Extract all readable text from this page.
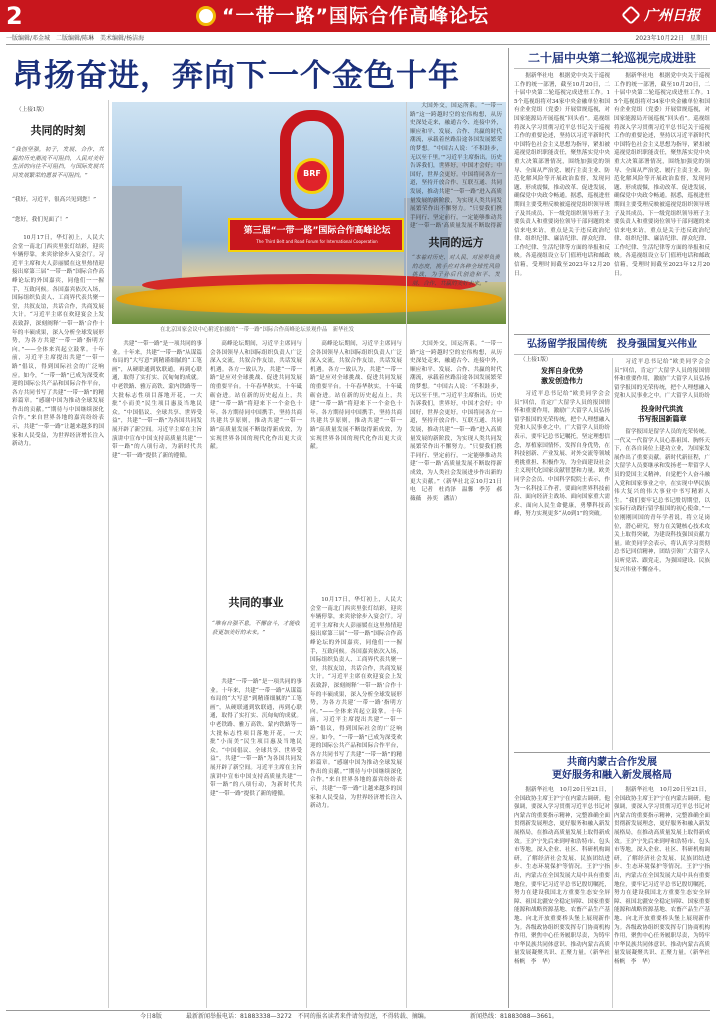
2	“一带一路”国际合作高峰论坛	广州日报
一版编辑/邓金城　二版编辑/陈琳　美术编辑/杨洁海	2023年10月22日　星期日
昂扬奋进，奔向下一个金色十年
（上接1版）
共同的时刻
“我创坚强，初子，发展、合作、共赢的历史潮流不可阻挡，人民对美好生活的向往不可阻挡，与国际发展共同发展繁荣的愿景不可阻挡。”
“我好，习近平，很高兴见到您！”
“您好，我们见面了！”
10月17日，华灯初上，人民大会堂一南北门西宾里张灯结彩，迎宾车辆停靠，来宾徐徐步入宴会厅。习近平主席和夫人彭丽媛在这里热情迎接出席第三届“一带一路”国际合作高峰论坛的外国嘉宾，同他们一一握手，互致问候。各国嘉宾依次入场，国际组织负责人、工商界代表共聚一堂，共叙友谊，共话合作，共商发展大计。“习近平主席在欢迎宴会上发表致辞，深刻阐释‘一带一路’合作十年的丰硕成果，深入分析全球发展形势，为各方共建‘一带一路’指明方向。”——全体来宾起立鼓掌。十年前，习近平主席提出共建“一带一路”倡议，得到国际社会的广泛响应。如今，“一带一路”已成为深受欢迎的国际公共产品和国际合作平台，各方共同书写了共建“一带一路”的精彩篇章。“感谢中国为推动全球发展作出的贡献。”“期待与中国继续深化合作。”来自世界各地的嘉宾纷纷表示，共建“一带一路”让越来越多的国家和人民受益，为世界经济增长注入新动力。
BRF
第三届“一带一路”国际合作高峰论坛
The Third Belt and Road Forum for International Cooperation
在北京国家会议中心附近拍摄的“一带一路”国际合作高峰论坛景观作品　新华社发
共建“一带一路”是一项共同的事业。十年来，共建“一带一路”从谋篇布局的“大写意”到精谨细腻的“工笔画”，从硬联通到软联通，再到心联通，取得了实打实、沉甸甸的成就。中老铁路、雅万高铁、蒙内铁路等一大批标志性项目落地开花，一大批“小而美”民生项目惠及当地民众。“中国倡议、全球共享、世界受益”，共建“一带一路”为各国共同发展开辟了新空间。习近平主席在主旨演讲中宣布中国支持高质量共建“一带一路”的八项行动，为新时代共建“一带一路”提供了新的遵循。
高峰论坛期间，习近平主席同与会各国领导人和国际组织负责人广泛深入交流，共叙合作友谊，共话发展机遇。各方一致认为，共建“一带一路”是应对全球挑战、促进共同发展的重要平台。十年春华秋实，十年砥砺奋进。站在新的历史起点上，共建“一带一路”将迎来下一个金色十年。各方期待同中国携手，坚持共商共建共享原则，推动共建“一带一路”高质量发展不断取得新成效，为实现世界各国的现代化作出更大贡献。
共同的事业
“唯有自强不息，不懈奋斗，才能收获更加美好的未来。”
共建“一带一路”是一项共同的事业。十年来，共建“一带一路”从谋篇布局的“大写意”到精谨细腻的“工笔画”，从硬联通到软联通，再到心联通，取得了实打实、沉甸甸的成就。中老铁路、雅万高铁、蒙内铁路等一大批标志性项目落地开花，一大批“小而美”民生项目惠及当地民众。“中国倡议、全球共享、世界受益”，共建“一带一路”为各国共同发展开辟了新空间。习近平主席在主旨演讲中宣布中国支持高质量共建“一带一路”的八项行动，为新时代共建“一带一路”提供了新的遵循。
高峰论坛期间，习近平主席同与会各国领导人和国际组织负责人广泛深入交流，共叙合作友谊，共话发展机遇。各方一致认为，共建“一带一路”是应对全球挑战、促进共同发展的重要平台。十年春华秋实，十年砥砺奋进。站在新的历史起点上，共建“一带一路”将迎来下一个金色十年。各方期待同中国携手，坚持共商共建共享原则，推动共建“一带一路”高质量发展不断取得新成效，为实现世界各国的现代化作出更大贡献。
10月17日，华灯初上，人民大会堂一南北门西宾里张灯结彩，迎宾车辆停靠，来宾徐徐步入宴会厅。习近平主席和夫人彭丽媛在这里热情迎接出席第三届“一带一路”国际合作高峰论坛的外国嘉宾，同他们一一握手，互致问候。各国嘉宾依次入场，国际组织负责人、工商界代表共聚一堂，共叙友谊，共话合作，共商发展大计。“习近平主席在欢迎宴会上发表致辞，深刻阐释‘一带一路’合作十年的丰硕成果，深入分析全球发展形势，为各方共建‘一带一路’指明方向。”——全体来宾起立鼓掌。十年前，习近平主席提出共建“一带一路”倡议，得到国际社会的广泛响应。如今，“一带一路”已成为深受欢迎的国际公共产品和国际合作平台，各方共同书写了共建“一带一路”的精彩篇章。“感谢中国为推动全球发展作出的贡献。”“期待与中国继续深化合作。”来自世界各地的嘉宾纷纷表示，共建“一带一路”让越来越多的国家和人民受益，为世界经济增长注入新动力。
大国外交，国运所系。“一带一路”这一跨越时空的宏伟构想，从历史深处走来，融通古今、连接中外，顺应和平、发展、合作、共赢的时代潮流，承载着丝路沿途各国发展繁荣的梦想。“中国古人说：‘不积跬步，无以至千里。’”习近平主席指出。历史告诉我们，世界好，中国才会好；中国好，世界会更好。中国将同各方一道，坚持开放合作、互联互通、共同发展，推动共建“一带一路”进入高质量发展的新阶段，为实现人类共同发展繁荣作出不懈努力。“只要我们携手同行、坚定前行，一定能够推动共建‘一带一路’高质量发展不断取得新　　　　　　　
共同的远方
“本着对历史、对人民、对世界负责的态度，携手应对各种全球性风险挑战，为子孙后代创造和平、发展、合作、共赢的美好未来。”
大国外交，国运所系。“一带一路”这一跨越时空的宏伟构想，从历史深处走来，融通古今、连接中外，顺应和平、发展、合作、共赢的时代潮流，承载着丝路沿途各国发展繁荣的梦想。“中国古人说：‘不积跬步，无以至千里。’”习近平主席指出。历史告诉我们，世界好，中国才会好；中国好，世界会更好。中国将同各方一道，坚持开放合作、互联互通、共同发展，推动共建“一带一路”进入高质量发展的新阶段，为实现人类共同发展繁荣作出不懈努力。“只要我们携手同行、坚定前行，一定能够推动共建‘一带一路’高质量发展不断取得新成效，为人类社会发展进步作出新的更大贡献。”（新华社北京10月21日电　记者　杜尚泽　温馨　季芳　郝薇薇　孙奕　潘洁）
二十届中央第二轮巡视完成进驻
据新华社电　根据党中央关于巡视工作的统一部署，截至10月20日，二十届中央第二轮巡视完成进驻工作。15个巡视组将对34家中央金融单位和国有企业党组（党委）开展常规巡视，对国家能源局开展巡视“回头看”。巡视组将深入学习贯彻习近平总书记关于巡视工作的重要论述，坚持以习近平新时代中国特色社会主义思想为指导，紧扣被巡视党组织职能责任，聚焦落实党中央重大决策部署情况，围绕加强党的领导、全面从严治党、履行主责主业、防范化解风险等开展政治监督，发现问题、形成震慑，推动改革、促进发展，确保党中央政令畅通。据悉，巡视进驻期间主要受理反映被巡视党组织领导班子及其成员、下一级党组织领导班子主要负责人和重要岗位领导干部问题的来信来电来访，重点是关于违反政治纪律、组织纪律、廉洁纪律、群众纪律、工作纪律、生活纪律等方面的举报和反映。各巡视组设立专门值班电话和邮政信箱，受理时间截至2023年12月20日。
据新华社电　根据党中央关于巡视工作的统一部署，截至10月20日，二十届中央第二轮巡视完成进驻工作。15个巡视组将对34家中央金融单位和国有企业党组（党委）开展常规巡视，对国家能源局开展巡视“回头看”。巡视组将深入学习贯彻习近平总书记关于巡视工作的重要论述，坚持以习近平新时代中国特色社会主义思想为指导，紧扣被巡视党组织职能责任，聚焦落实党中央重大决策部署情况，围绕加强党的领导、全面从严治党、履行主责主业、防范化解风险等开展政治监督，发现问题、形成震慑，推动改革、促进发展，确保党中央政令畅通。据悉，巡视进驻期间主要受理反映被巡视党组织领导班子及其成员、下一级党组织领导班子主要负责人和重要岗位领导干部问题的来信来电来访，重点是关于违反政治纪律、组织纪律、廉洁纪律、群众纪律、工作纪律、生活纪律等方面的举报和反映。各巡视组设立专门值班电话和邮政信箱，受理时间截至2023年12月20日。
弘扬留学报国传统　投身强国复兴伟业
（上接1版）
发挥自身优势
激发创造伟力
习近平总书记给“欧美同学会会员”回信，肯定广大留学人员的报国情怀和重要作用，激励广大留学人员弘扬留学报国的光荣传统，把个人理想融入党和人民事业之中。广大留学人员纷纷表示，要牢记总书记嘱托，坚定理想信念，厚植家国情怀，发挥自身优势，在科技创新、产业发展、对外交流等领域勇挑重担、积极作为，为全面建设社会主义现代化国家贡献智慧和力量。欧美同学会会员、中国科学院院士表示，作为一名科技工作者，要面向世界科技前沿、面向经济主战场、面向国家重大需求、面向人民生命健康，勇攀科技高峰，努力实现更多“从0到1”的突破。
习近平总书记给“欧美同学会会员”回信，肯定广大留学人员的报国情怀和重要作用，激励广大留学人员弘扬留学报国的光荣传统，把个人理想融入党和人民事业之中。广大留学人员纷纷
投身时代洪流
书写报国新篇章
留学报国是留学人员的光荣传统。一代又一代留学人员心系祖国、胸怀天下，在各自岗位上建功立业，为国家发展作出了重要贡献。新时代新征程，广大留学人员要继承和发扬老一辈留学人员的爱国主义精神，自觉把个人奋斗融入党和国家事业之中，在实现中华民族伟大复兴的伟大事业中书写精彩人生。“我们要牢记总书记殷切期望，以实际行动践行留学报国的初心使命。”一位刚刚回国的青年学者说，将立足岗位，潜心研究，努力在关键核心技术攻关上取得突破，为建设科技强国贡献力量。欧美同学会表示，将认真学习贯彻总书记回信精神，团结引领广大留学人员听党话、跟党走，为强国建设、民族复兴伟业不懈奋斗。
共商内蒙古合作发展
更好服务和融入新发展格局
据新华社电　10月20日至21日，全国政协主席王沪宁在内蒙古调研。他强调，要深入学习贯彻习近平总书记对内蒙古的重要指示精神，完整准确全面贯彻新发展理念，更好服务和融入新发展格局，在推动高质量发展上取得新成效。王沪宁先后来到呼和浩特市、包头市等地，深入企业、社区、科研机构调研，了解经济社会发展、民族团结进步、生态环境保护等情况。王沪宁指出，内蒙古在全国发展大局中具有重要地位，要牢记习近平总书记殷切嘱托，努力在建设我国北方重要生态安全屏障、祖国北疆安全稳定屏障、国家重要能源和战略资源基地、农畜产品生产基地、向北开放重要桥头堡上展现新作为。各级政协组织要发挥专门协商机构作用，聚焦中心任务履职尽责，为铸牢中华民族共同体意识、推动内蒙古高质量发展凝聚共识、汇聚力量。（新华社　杨帆　李　华）
据新华社电　10月20日至21日，全国政协主席王沪宁在内蒙古调研。他强调，要深入学习贯彻习近平总书记对内蒙古的重要指示精神，完整准确全面贯彻新发展理念，更好服务和融入新发展格局，在推动高质量发展上取得新成效。王沪宁先后来到呼和浩特市、包头市等地，深入企业、社区、科研机构调研，了解经济社会发展、民族团结进步、生态环境保护等情况。王沪宁指出，内蒙古在全国发展大局中具有重要地位，要牢记习近平总书记殷切嘱托，努力在建设我国北方重要生态安全屏障、祖国北疆安全稳定屏障、国家重要能源和战略资源基地、农畜产品生产基地、向北开放重要桥头堡上展现新作为。各级政协组织要发挥专门协商机构作用，聚焦中心任务履职尽责，为铸牢中华民族共同体意识、推动内蒙古高质量发展凝聚共识、汇聚力量。（新华社　杨帆　李　华）
今日8版	最新新闻举报电话：81883338—3272　不同的报名读者来件请勿投送，不得转载、摘编。	新闻热线：81883088—3661。
